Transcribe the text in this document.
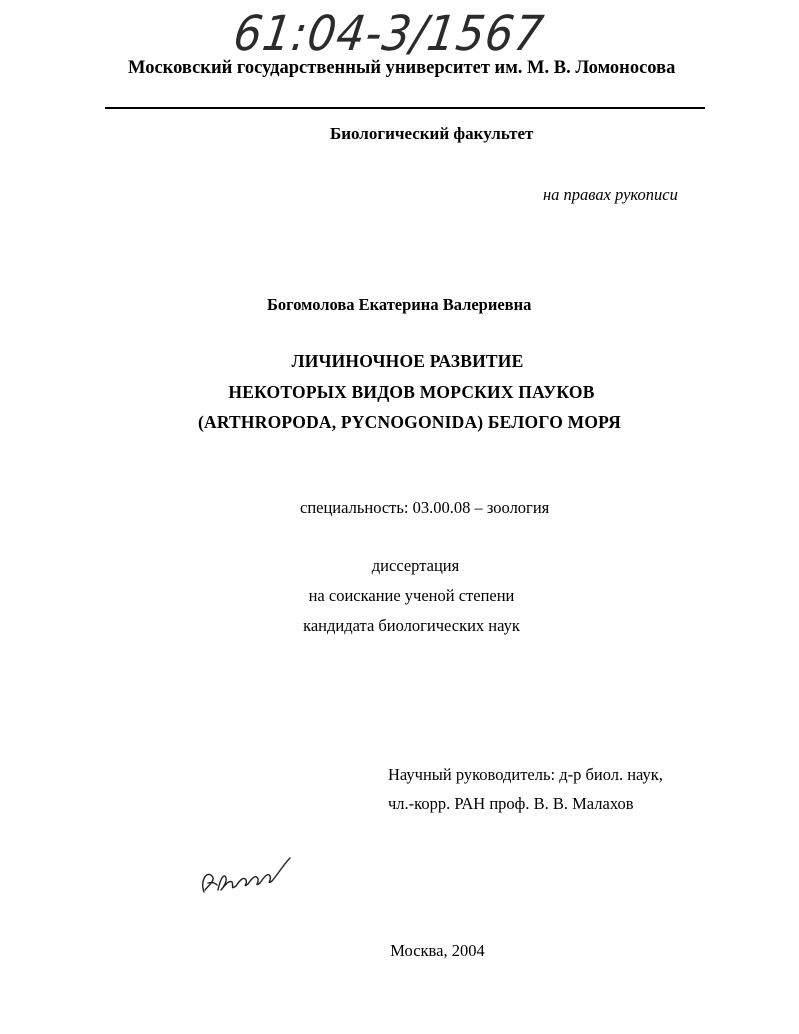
61:04-3/1567
Московский государственный университет им. М. В. Ломоносова
Биологический факультет
на правах рукописи
Богомолова Екатерина Валериевна
ЛИЧИНОЧНОЕ РАЗВИТИЕ
НЕКОТОРЫХ ВИДОВ МОРСКИХ ПАУКОВ
(ARTHROPODA, PYCNOGONIDA) БЕЛОГО МОРЯ
специальность: 03.00.08 – зоология
диссертация
на соискание ученой степени
кандидата биологических наук
Научный руководитель: д-р биол. наук,
чл.-корр. РАН проф. В. В. Малахов
Москва, 2004
